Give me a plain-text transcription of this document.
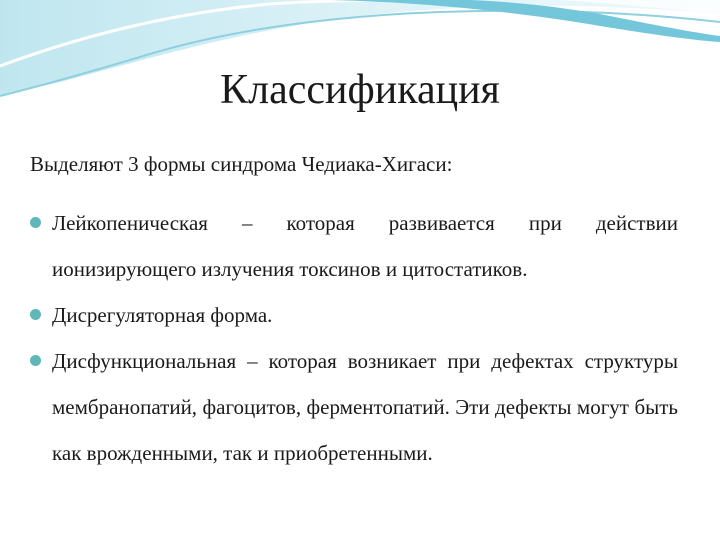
Классификация
Выделяют 3 формы синдрома Чедиака-Хигаси:
Лейкопеническая – которая развивается при действии ионизирующего излучения токсинов и цитостатиков.
Дисрегуляторная форма.
Дисфункциональная – которая возникает при дефектах структуры мембранопатий, фагоцитов, ферментопатий. Эти дефекты могут быть как врожденными, так и приобретенными.
